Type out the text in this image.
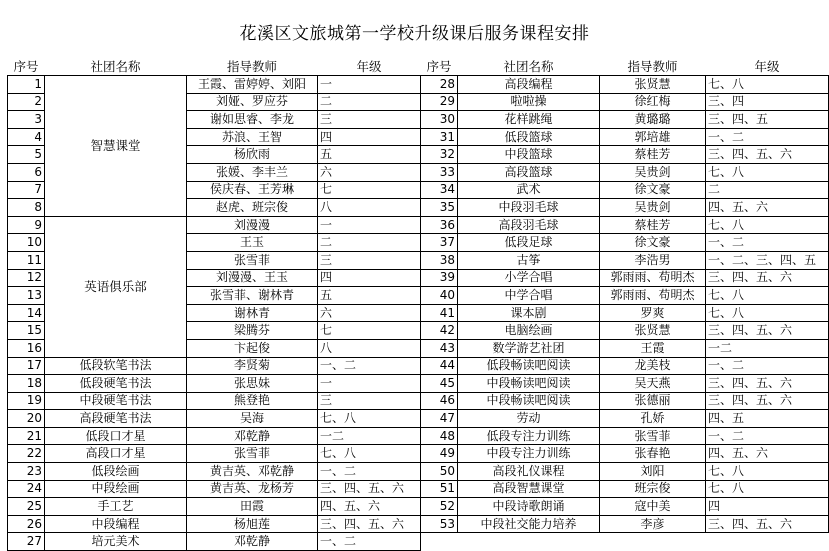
花溪区文旅城第一学校升级课后服务课程安排
序号	社团名称	指导教师	年级	序号	社团名称	指导教师	年级
1	智慧课堂	王霞、雷婷婷、刘阳	一	28	高段编程	张贤慧	七、八
2		刘娅、罗应芬	二	29	啦啦操	徐红梅	三、四
3		谢如思睿、李龙	三	30	花样跳绳	黄璐璐	三、四、五
4		苏浪、王智	四	31	低段篮球	郭培雄	一、二
5		杨欣雨	五	32	中段篮球	蔡桂芳	三、四、五、六
6		张媛、李丰兰	六	33	高段篮球	吴贵剑	七、八
7		侯庆春、王芳琳	七	34	武术	徐文豪	二
8		赵虎、班宗俊	八	35	中段羽毛球	吴贵剑	四、五、六
9	英语俱乐部	刘漫漫	一	36	高段羽毛球	蔡桂芳	七、八
10		王玉	二	37	低段足球	徐文豪	一、二
11		张雪菲	三	38	古筝	李浩男	一、二、三、四、五
12		刘漫漫、王玉	四	39	小学合唱	郭雨雨、苟明杰	三、四、五、六
13		张雪菲、谢林青	五	40	中学合唱	郭雨雨、苟明杰	七、八
14		谢林青	六	41	课本剧	罗爽	七、八
15		梁腾芬	七	42	电脑绘画	张贤慧	三、四、五、六
16		卞起俊	八	43	数学游艺社团	王霞	一二
17	低段软笔书法	李贤菊	一、二	44	低段畅读吧阅读	龙美枝	一、二
18	低段硬笔书法	张思妹	一	45	中段畅读吧阅读	吴天燕	三、四、五、六
19	中段硬笔书法	熊登艳	三	46	中段畅读吧阅读	张德丽	三、四、五、六
20	高段硬笔书法	吴海	七、八	47	劳动	孔娇	四、五
21	低段口才星	邓乾静	一二	48	低段专注力训练	张雪菲	一、二
22	高段口才星	张雪菲	七、八	49	中段专注力训练	张春艳	四、五、六
23	低段绘画	黄吉英、邓乾静	一、二	50	高段礼仪课程	刘阳	七、八
24	中段绘画	黄吉英、龙杨芳	三、四、五、六	51	高段智慧课堂	班宗俊	七、八
25	手工艺	田霞	四、五、六	52	中段诗歌朗诵	寇中美	四
26	中段编程	杨旭莲	三、四、五、六	53	中段社交能力培养	李彦	三、四、五、六
27	培元美术	邓乾静	一、二				
